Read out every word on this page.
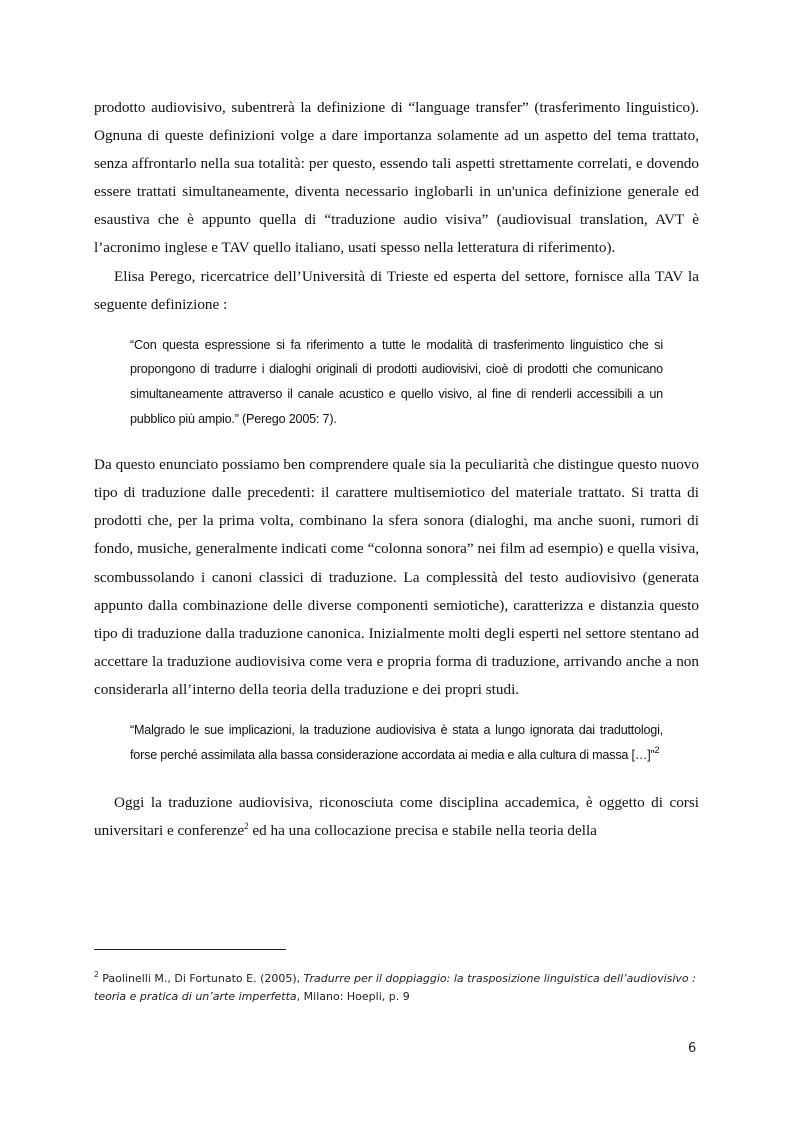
prodotto audiovisivo, subentrerà la definizione di “language transfer” (trasferimento linguistico). Ognuna di queste definizioni volge a dare importanza solamente ad un aspetto del tema trattato, senza affrontarlo nella sua totalità: per questo, essendo tali aspetti strettamente correlati, e dovendo essere trattati simultaneamente, diventa necessario inglobarli in un'unica definizione generale ed esaustiva che è appunto quella di “traduzione audio visiva” (audiovisual translation, AVT è l’acronimo inglese e TAV quello italiano, usati spesso nella letteratura di riferimento).

Elisa Perego, ricercatrice dell’Università di Trieste ed esperta del settore, fornisce alla TAV la seguente definizione :

“Con questa espressione si fa riferimento a tutte le modalità di trasferimento linguistico che si propongono di tradurre i dialoghi originali di prodotti audiovisivi, cioè di prodotti che comunicano simultaneamente attraverso il canale acustico e quello visivo, al fine di renderli accessibili a un pubblico più ampio.” (Perego 2005: 7).

Da questo enunciato possiamo ben comprendere quale sia la peculiarità che distingue questo nuovo tipo di traduzione dalle precedenti: il carattere multisemiotico del materiale trattato. Si tratta di prodotti che, per la prima volta, combinano la sfera sonora (dialoghi, ma anche suoni, rumori di fondo, musiche, generalmente indicati come “colonna sonora” nei film ad esempio) e quella visiva, scombussolando i canoni classici di traduzione. La complessità del testo audiovisivo (generata appunto dalla combinazione delle diverse componenti semiotiche), caratterizza e distanzia questo tipo di traduzione dalla traduzione canonica. Inizialmente molti degli esperti nel settore stentano ad accettare la traduzione audiovisiva come vera e propria forma di traduzione, arrivando anche a non considerarla all’interno della teoria della traduzione e dei propri studi.

“Malgrado le sue implicazioni, la traduzione audiovisiva è stata a lungo ignorata dai traduttologi, forse perché assimilata alla bassa considerazione accordata ai media e alla cultura di massa […]”$^2$

Oggi la traduzione audiovisiva, riconosciuta come disciplina accademica, è oggetto di corsi universitari e conferenze$^2$ ed ha una collocazione precisa e stabile nella teoria della

$^2$ Paolinelli M., Di Fortunato E. (2005), Tradurre per il doppiaggio: la trasposizione linguistica dell’audiovisivo : teoria e pratica di un’arte imperfetta, Milano: Hoepli, p. 9
6
